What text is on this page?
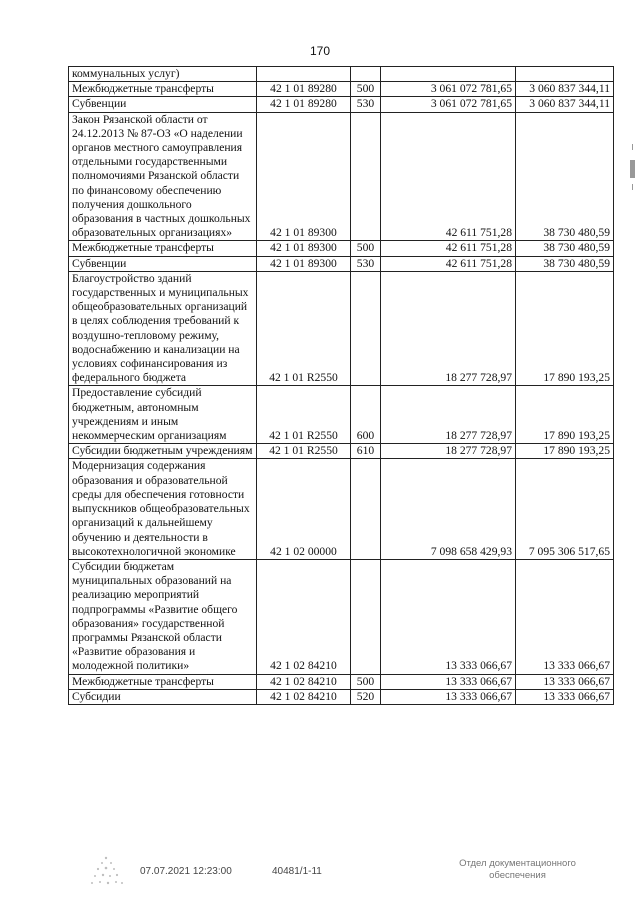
170
коммунальных услуг)				
Межбюджетные трансферты	42 1 01 89280	500	3 061 072 781,65	3 060 837 344,11
Субвенции	42 1 01 89280	530	3 061 072 781,65	3 060 837 344,11
Закон Рязанской области от 24.12.2013 № 87-ОЗ «О наделении органов местного самоуправления отдельными государственными полномочиями Рязанской области по финансовому обеспечению получения дошкольного образования в частных дошкольных образовательных организациях»	42 1 01 89300		42 611 751,28	38 730 480,59
Межбюджетные трансферты	42 1 01 89300	500	42 611 751,28	38 730 480,59
Субвенции	42 1 01 89300	530	42 611 751,28	38 730 480,59
Благоустройство зданий государственных и муниципальных общеобразовательных организаций в целях соблюдения требований к воздушно-тепловому режиму, водоснабжению и канализации на условиях софинансирования из федерального бюджета	42 1 01 R2550		18 277 728,97	17 890 193,25
Предоставление субсидий бюджетным, автономным учреждениям и иным некоммерческим организациям	42 1 01 R2550	600	18 277 728,97	17 890 193,25
Субсидии бюджетным учреждениям	42 1 01 R2550	610	18 277 728,97	17 890 193,25
Модернизация содержания образования и образовательной среды для обеспечения готовности выпускников общеобразовательных организаций к дальнейшему обучению и деятельности в высокотехнологичной экономике	42 1 02 00000		7 098 658 429,93	7 095 306 517,65
Субсидии бюджетам муниципальных образований на реализацию мероприятий подпрограммы «Развитие общего образования» государственной программы Рязанской области «Развитие образования и молодежной политики»	42 1 02 84210		13 333 066,67	13 333 066,67
Межбюджетные трансферты	42 1 02 84210	500	13 333 066,67	13 333 066,67
Субсидии	42 1 02 84210	520	13 333 066,67	13 333 066,67
07.07.2021 12:23:00	40481/1-11
Отдел документационного
обеспечения
